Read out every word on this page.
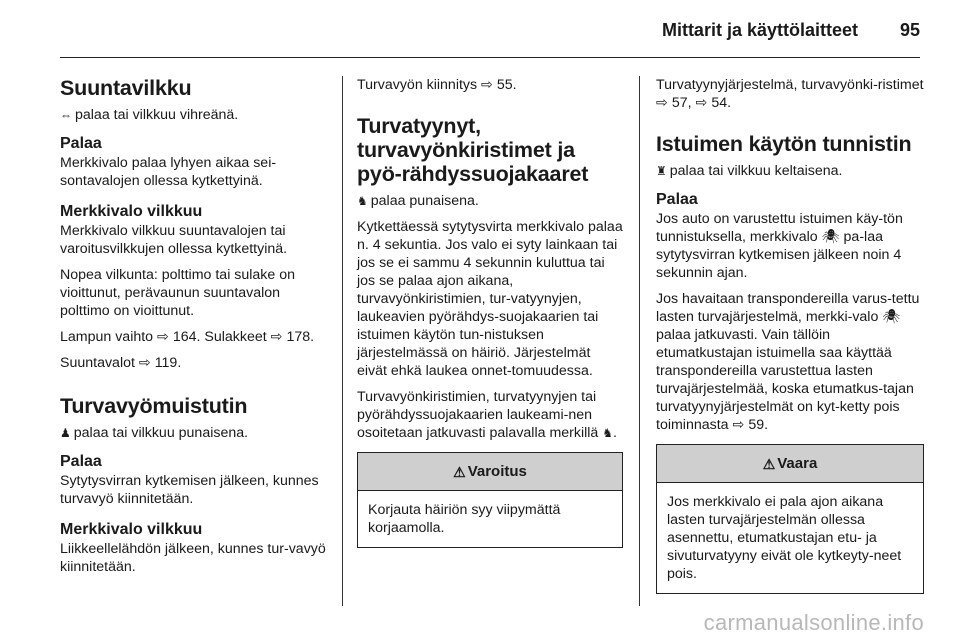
Mittarit ja käyttölaitteet 95
Suuntavilkku

⇔ palaa tai vilkkuu vihreänä.

Palaa

Merkkivalo palaa lyhyen aikaa sei-sontavalojen ollessa kytkettyinä.

Merkkivalo vilkkuu

Merkkivalo vilkkuu suuntavalojen tai varoitusvilkkujen ollessa kytkettyinä.

Nopea vilkunta: polttimo tai sulake on vioittunut, perävaunun suuntavalon polttimo on vioittunut.

Lampun vaihto ⇨ 164. Sulakkeet ⇨ 178.

Suuntavalot ⇨ 119.

Turvavyömuistutin

♟ palaa tai vilkkuu punaisena.

Palaa

Sytytysvirran kytkemisen jälkeen, kunnes turvavyö kiinnitetään.

Merkkivalo vilkkuu

Liikkeellelähdön jälkeen, kunnes tur-vavyö kiinnitetään.

Turvavyön kiinnitys ⇨ 55.

Turvatyynyt, turvavyönkiristimet ja pyö-rähdyssuojakaaret

♞ palaa punaisena.

Kytkettäessä sytytysvirta merkkivalo palaa n. 4 sekuntia. Jos valo ei syty lainkaan tai jos se ei sammu 4 sekunnin kuluttua tai jos se palaa ajon aikana, turvavyönkiristimien, tur-vatyynyjen, laukeavien pyörähdys-suojakaarien tai istuimen käytön tun-nistuksen järjestelmässä on häiriö. Järjestelmät eivät ehkä laukea onnet-tomuudessa.

Turvavyönkiristimien, turvatyynyjen tai pyörähdyssuojakaarien laukeami-nen osoitetaan jatkuvasti palavalla merkillä ♞.

⚠ Varoitus

Korjauta häiriön syy viipymättä korjaamolla.

Turvatyynyjärjestelmä, turvavyönki-ristimet ⇨ 57, ⇨ 54.

Istuimen käytön tunnistin

♜ palaa tai vilkkuu keltaisena.

Palaa

Jos auto on varustettu istuimen käy-tön tunnistuksella, merkkivalo 🕷 pa-laa sytytysvirran kytkemisen jälkeen noin 4 sekunnin ajan.

Jos havaitaan transpondereilla varus-tettu lasten turvajärjestelmä, merkki-valo 🕷 palaa jatkuvasti. Vain tällöin etumatkustajan istuimella saa käyttää transpondereilla varustettua lasten turvajärjestelmää, koska etumatkus-tajan turvatyynyjärjestelmät on kyt-ketty pois toiminnasta ⇨ 59.

⚠ Vaara

Jos merkkivalo ei pala ajon aikana lasten turvajärjestelmän ollessa asennettu, etumatkustajan etu- ja sivuturvatyyny eivät ole kytkeyty-neet pois.

carmanualsonline.info
